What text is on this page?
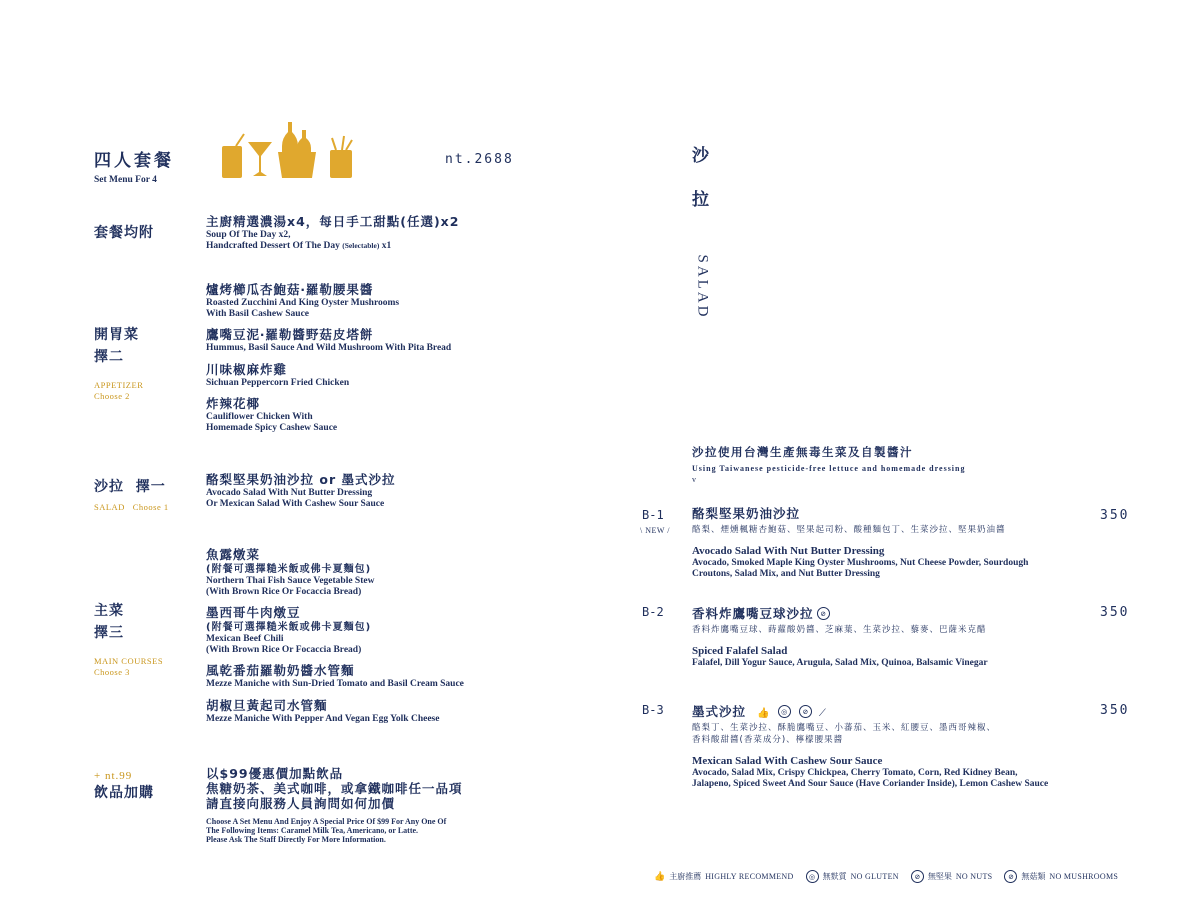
四人套餐
Set Menu For 4
nt.2688
套餐均附
主廚精選濃湯x4，每日手工甜點(任選)x2
Soup Of The Day x2,
Handcrafted Dessert Of The Day (Selectable) x1
開胃菜
擇二
APPETIZER
Choose 2
爐烤櫛瓜杏鮑菇‧羅勒腰果醬
Roasted Zucchini And King Oyster Mushrooms
With Basil Cashew Sauce
鷹嘴豆泥‧羅勒醬野菇皮塔餅
Hummus, Basil Sauce And Wild Mushroom With Pita Bread
川味椒麻炸雞
Sichuan Peppercorn Fried Chicken
炸辣花椰
Cauliflower Chicken With
Homemade Spicy Cashew Sauce
沙拉  擇一
SALAD Choose 1
酪梨堅果奶油沙拉 or 墨式沙拉
Avocado Salad With Nut Butter Dressing
Or Mexican Salad With Cashew Sour Sauce
主菜
擇三
MAIN COURSES
Choose 3
魚露燉菜
(附餐可選擇糙米飯或佛卡夏麵包)
Northern Thai Fish Sauce Vegetable Stew
(With Brown Rice Or Focaccia Bread)
墨西哥牛肉燉豆
(附餐可選擇糙米飯或佛卡夏麵包)
Mexican Beef Chili
(With Brown Rice Or Focaccia Bread)
風乾番茄羅勒奶醬水管麵
Mezze Maniche with Sun-Dried Tomato and Basil Cream Sauce
胡椒旦黃起司水管麵
Mezze Maniche With Pepper And Vegan Egg Yolk Cheese
+ nt.99
飲品加購
以$99優惠價加點飲品
焦糖奶茶、美式咖啡，或拿鐵咖啡任一品項
請直接向服務人員詢問如何加價
Choose A Set Menu And Enjoy A Special Price Of $99 For Any One Of
The Following Items: Caramel Milk Tea, Americano, or Latte.
Please Ask The Staff Directly For More Information.
沙
拉
SALAD
沙拉使用台灣生產無毒生菜及自製醬汁
Using Taiwanese pesticide-free lettuce and homemade dressing
v
B-1
\ NEW /
350
酪梨堅果奶油沙拉
酪梨、煙燻楓糖杏鮑菇、堅果起司粉、酸種麵包丁、生菜沙拉、堅果奶油醬
Avocado Salad With Nut Butter Dressing
Avocado, Smoked Maple King Oyster Mushrooms, Nut Cheese Powder, Sourdough
Croutons, Salad Mix, and Nut Butter Dressing
B-2	350
香料炸鷹嘴豆球沙拉 ⊘
香料炸鷹嘴豆球、蒔蘿酸奶醬、芝麻葉、生菜沙拉、藜麥、巴薩米克醋
Spiced Falafel Salad
Falafel, Dill Yogur Sauce, Arugula, Salad Mix, Quinoa, Balsamic Vinegar
B-3	350
墨式沙拉 👍 ◎ ⊘ ⟋
酪梨丁、生菜沙拉、酥脆鷹嘴豆、小蕃茄、玉米、紅腰豆、墨西哥辣椒、
香料酸甜醬(香菜成分)、檸檬腰果醬
Mexican Salad With Cashew Sour Sauce
Avocado, Salad Mix, Crispy Chickpea, Cherry Tomato, Corn, Red Kidney Bean,
Jalapeno, Spiced Sweet And Sour Sauce (Have Coriander Inside), Lemon Cashew Sauce
👍 主廚推薦 HIGHLY RECOMMEND	◎ 無麩質 NO GLUTEN	⊘ 無堅果 NO NUTS	⊘ 無菇類 NO MUSHROOMS
